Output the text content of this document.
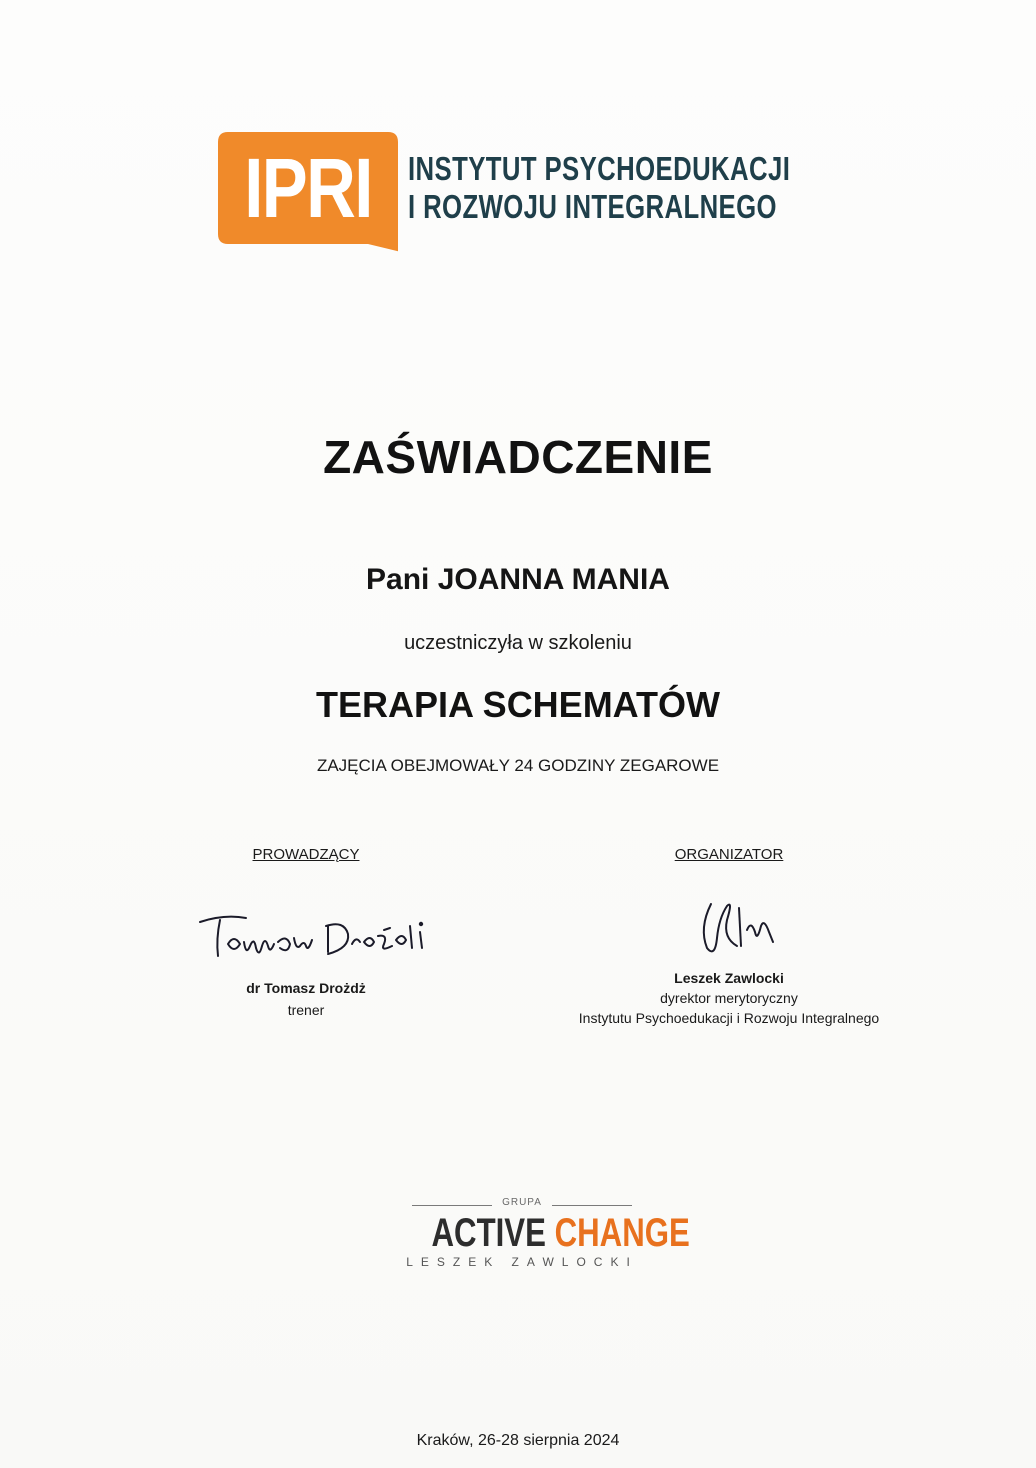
IPRI	INSTYTUT PSYCHOEDUKACJI
I ROZWOJU INTEGRALNEGO
ZAŚWIADCZENIE
Pani JOANNA MANIA
uczestniczyła w szkoleniu
TERAPIA SCHEMATÓW
ZAJĘCIA OBEJMOWAŁY 24 GODZINY ZEGAROWE
PROWADZĄCY
dr Tomasz Drożdż
trener
ORGANIZATOR
Leszek Zawlocki
dyrektor merytoryczny
Instytutu Psychoedukacji i Rozwoju Integralnego
GRUPA
ACTIVE CHANGE
LESZEK ZAWLOCKI
Kraków, 26-28 sierpnia 2024
